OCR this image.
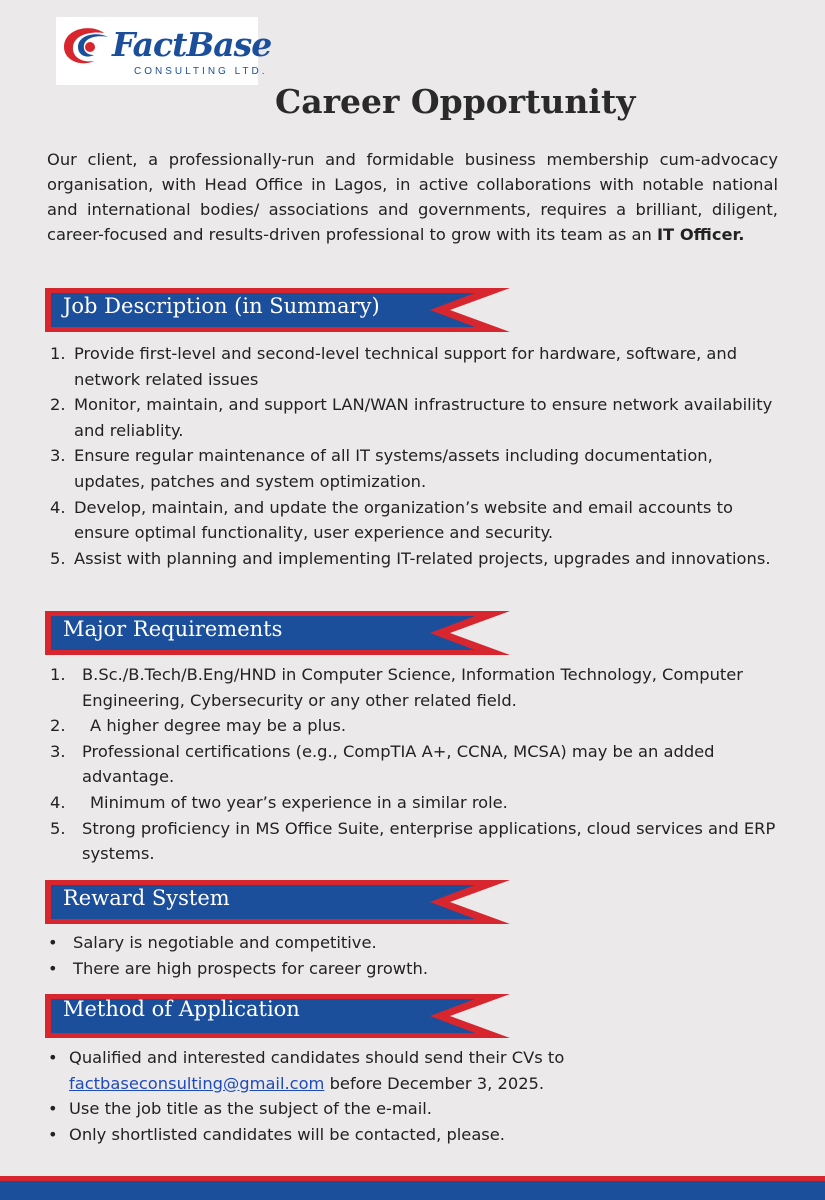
FactBase
CONSULTING LTD.
Career Opportunity

Our client, a professionally-run and formidable business membership cum-advocacy organisation, with Head Office in Lagos, in active collaborations with notable national and international bodies/ associations and governments, requires a brilliant, diligent, career-focused and results-driven professional to grow with its team as an IT Officer.

Job Description (in Summary)
1. Provide first-level and second-level technical support for hardware, software, and network related issues
2. Monitor, maintain, and support LAN/WAN infrastructure to ensure network availability and reliablity.
3. Ensure regular maintenance of all IT systems/assets including documentation, updates, patches and system optimization.
4. Develop, maintain, and update the organization’s website and email accounts to ensure optimal functionality, user experience and security.
5. Assist with planning and implementing IT-related projects, upgrades and innovations.
Major Requirements
1.	B.Sc./B.Tech/B.Eng/HND in Computer Science, Information Technology, Computer Engineering, Cybersecurity or any other related field.
2.	A higher degree may be a plus.
3.	Professional certifications (e.g., CompTIA A+, CCNA, MCSA) may be an added advantage.
4.	Minimum of two year’s experience in a similar role.
5.	Strong proficiency in MS Office Suite, enterprise applications, cloud services and ERP systems.
Reward System
• Salary is negotiable and competitive.
• There are high prospects for career growth.
Method of Application
• Qualified and interested candidates should send their CVs to
factbaseconsulting@gmail.com before December 3, 2025.
• Use the job title as the subject of the e-mail.
• Only shortlisted candidates will be contacted, please.
